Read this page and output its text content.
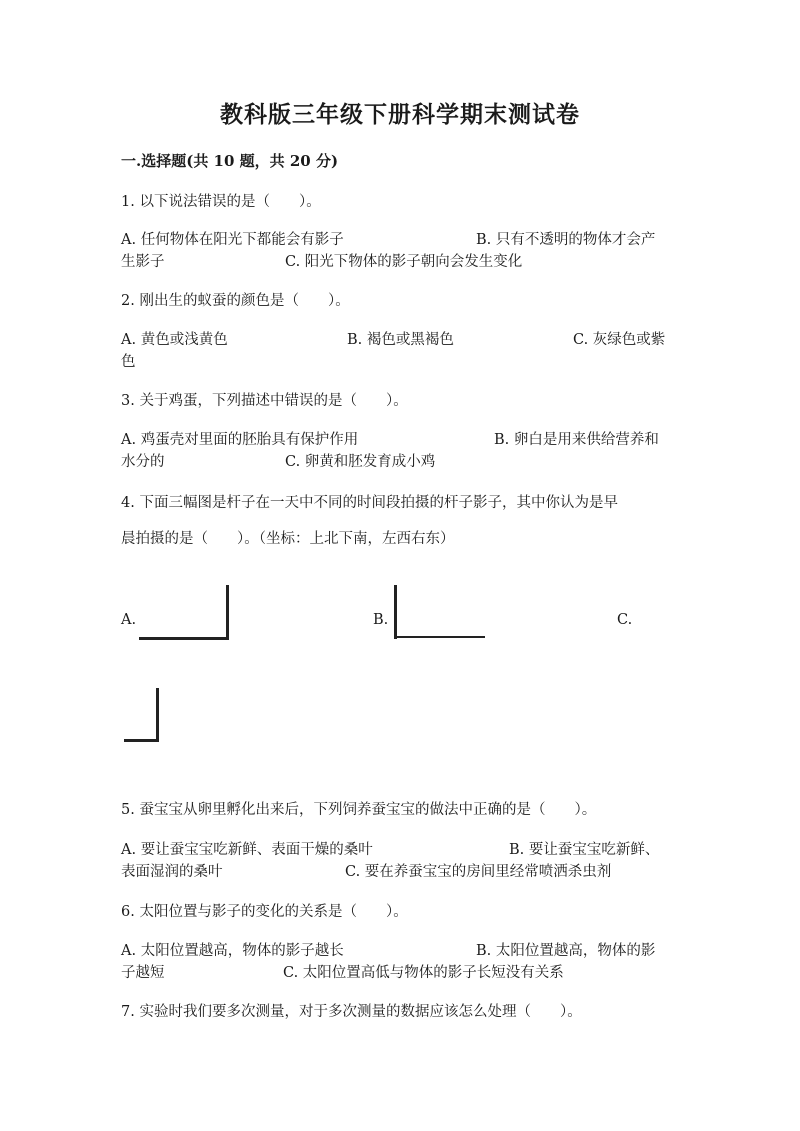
教科版三年级下册科学期末测试卷
一.选择题(共 10 题，共 20 分)
1. 以下说法错误的是（　　）。
A. 任何物体在阳光下都能会有影子	B. 只有不透明的物体才会产
生影子	C. 阳光下物体的影子朝向会发生变化
2. 刚出生的蚁蚕的颜色是（　　）。
A. 黄色或浅黄色	B. 褐色或黑褐色	C. 灰绿色或紫
色
3. 关于鸡蛋，下列描述中错误的是（　　）。
A. 鸡蛋壳对里面的胚胎具有保护作用	B. 卵白是用来供给营养和
水分的	C. 卵黄和胚发育成小鸡
4. 下面三幅图是杆子在一天中不同的时间段拍摄的杆子影子，其中你认为是早
晨拍摄的是（　　）。（坐标：上北下南，左西右东）
A.	B.	C.
5. 蚕宝宝从卵里孵化出来后，下列饲养蚕宝宝的做法中正确的是（　　）。
A. 要让蚕宝宝吃新鲜、表面干燥的桑叶	B. 要让蚕宝宝吃新鲜、
表面湿润的桑叶	C. 要在养蚕宝宝的房间里经常喷洒杀虫剂
6. 太阳位置与影子的变化的关系是（　　）。
A. 太阳位置越高，物体的影子越长	B. 太阳位置越高，物体的影
子越短	C. 太阳位置高低与物体的影子长短没有关系
7. 实验时我们要多次测量，对于多次测量的数据应该怎么处理（　　）。
